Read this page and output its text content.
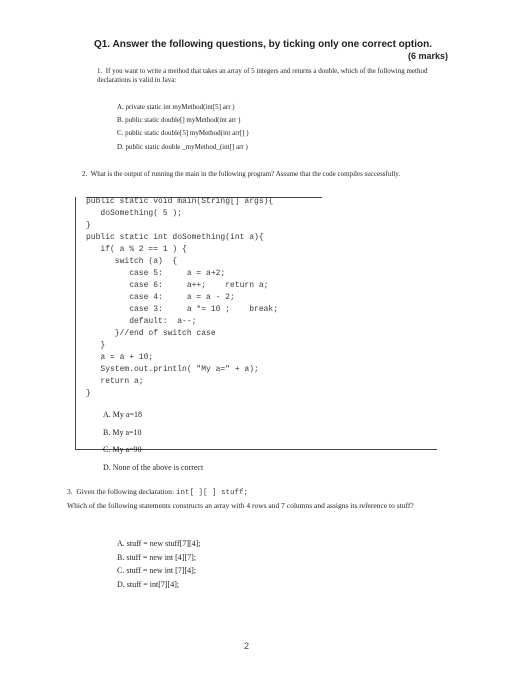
Q1. Answer the following questions, by ticking only one correct option.
(6 marks)
1. If you want to write a method that takes an array of 5 integers and returns a double, which of the following method declarations is valid in Java:
A. private static int myMethod(int[5] arr )
B. public static double[] myMethod(int arr )
C. public static double[5] myMethod(int arr[] )
D. public static double _myMethod_(int[] arr )
2. What is the output of running the main in the following program? Assume that the code compiles successfully.
public static void main(String[] args){
doSomething( 5 );
}
public static int doSomething(int a){
if( a % 2 == 1 ) {
switch (a)  {
case 5:     a = a+2;
case 6:     a++;    return a;
case 4:     a = a - 2;
case 3:     a *= 10 ;    break;
default:  a--;
}//end of switch case
}
a = a + 10;
System.out.println( "My a=" + a);
return a;
}
A. My a=18
B. My a=10
C. My a=90
D. None of the above is correct
3. Given the following declaration: int[ ][ ] stuff;
Which of the following statements constructs an array with 4 rows and 7 columns and assigns its reference to stuff?
A. stuff = new stuff[7][4];
B. stuff = new int [4][7];
C. stuff = new int [7][4];
D. stuff = int[7][4];
2
